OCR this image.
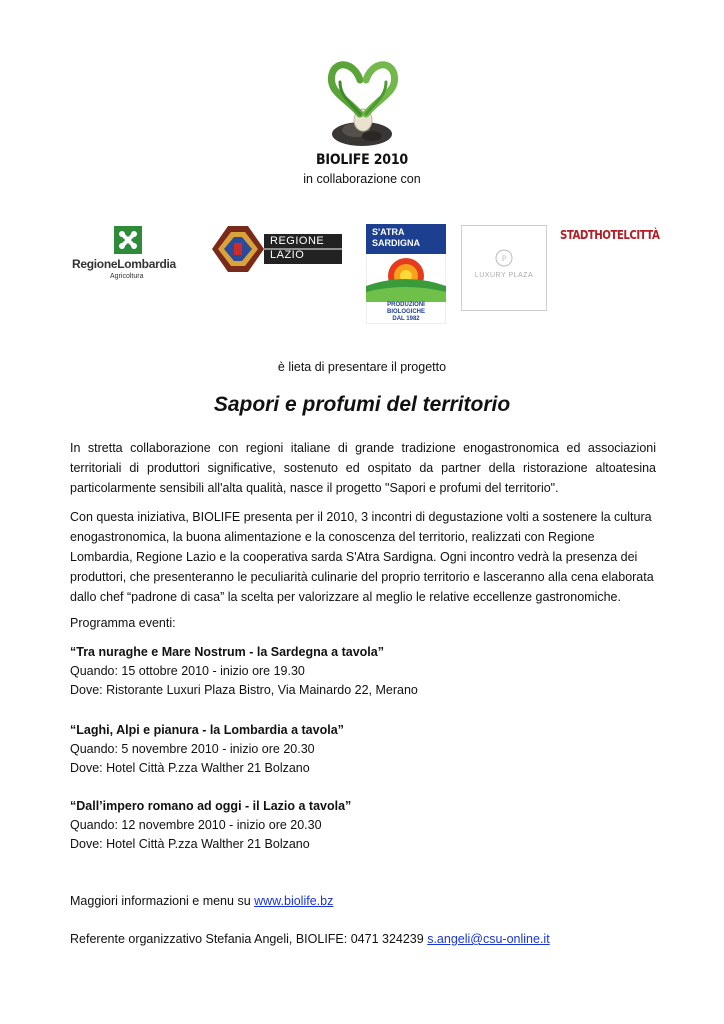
BIOLIFE 2010
in collaborazione con
RegioneLombardia
Agricoltura
REGIONE
LAZIO
S'ATRA
SARDIGNA
PRODUZIONI
BIOLOGICHE
DAL 1982
P
LUXURY PLAZA
STADTHOTELCITTÀ
è lieta di presentare il progetto
Sapori e profumi del territorio
In stretta collaborazione con regioni italiane di grande tradizione enogastronomica ed associazioni territoriali di produttori significative, sostenuto ed ospitato da partner della ristorazione altoatesina particolarmente sensibili all'alta qualità, nasce il progetto "Sapori e profumi del territorio".
Con questa iniziativa, BIOLIFE presenta per il 2010, 3 incontri di degustazione volti a sostenere la cultura enogastronomica, la buona alimentazione e la conoscenza del territorio, realizzati con Regione Lombardia, Regione Lazio e la cooperativa sarda S'Atra Sardigna. Ogni incontro vedrà la presenza dei produttori, che presenteranno le peculiarità culinarie del proprio territorio e lasceranno alla cena elaborata dallo chef “padrone di casa” la scelta per valorizzare al meglio le relative eccellenze gastronomiche.
Programma eventi:
“Tra nuraghe e Mare Nostrum - la Sardegna a tavola”
Quando: 15 ottobre 2010 - inizio ore 19.30
Dove: Ristorante Luxuri Plaza Bistro, Via Mainardo 22, Merano
“Laghi, Alpi e pianura - la Lombardia a tavola”
Quando: 5 novembre 2010 - inizio ore 20.30
Dove: Hotel Città P.zza Walther 21 Bolzano
“Dall’impero romano ad oggi - il Lazio a tavola”
Quando: 12 novembre 2010 - inizio ore 20.30
Dove: Hotel Città P.zza Walther 21 Bolzano
Maggiori informazioni e menu su www.biolife.bz
Referente organizzativo Stefania Angeli, BIOLIFE: 0471 324239 s.angeli@csu-online.it
